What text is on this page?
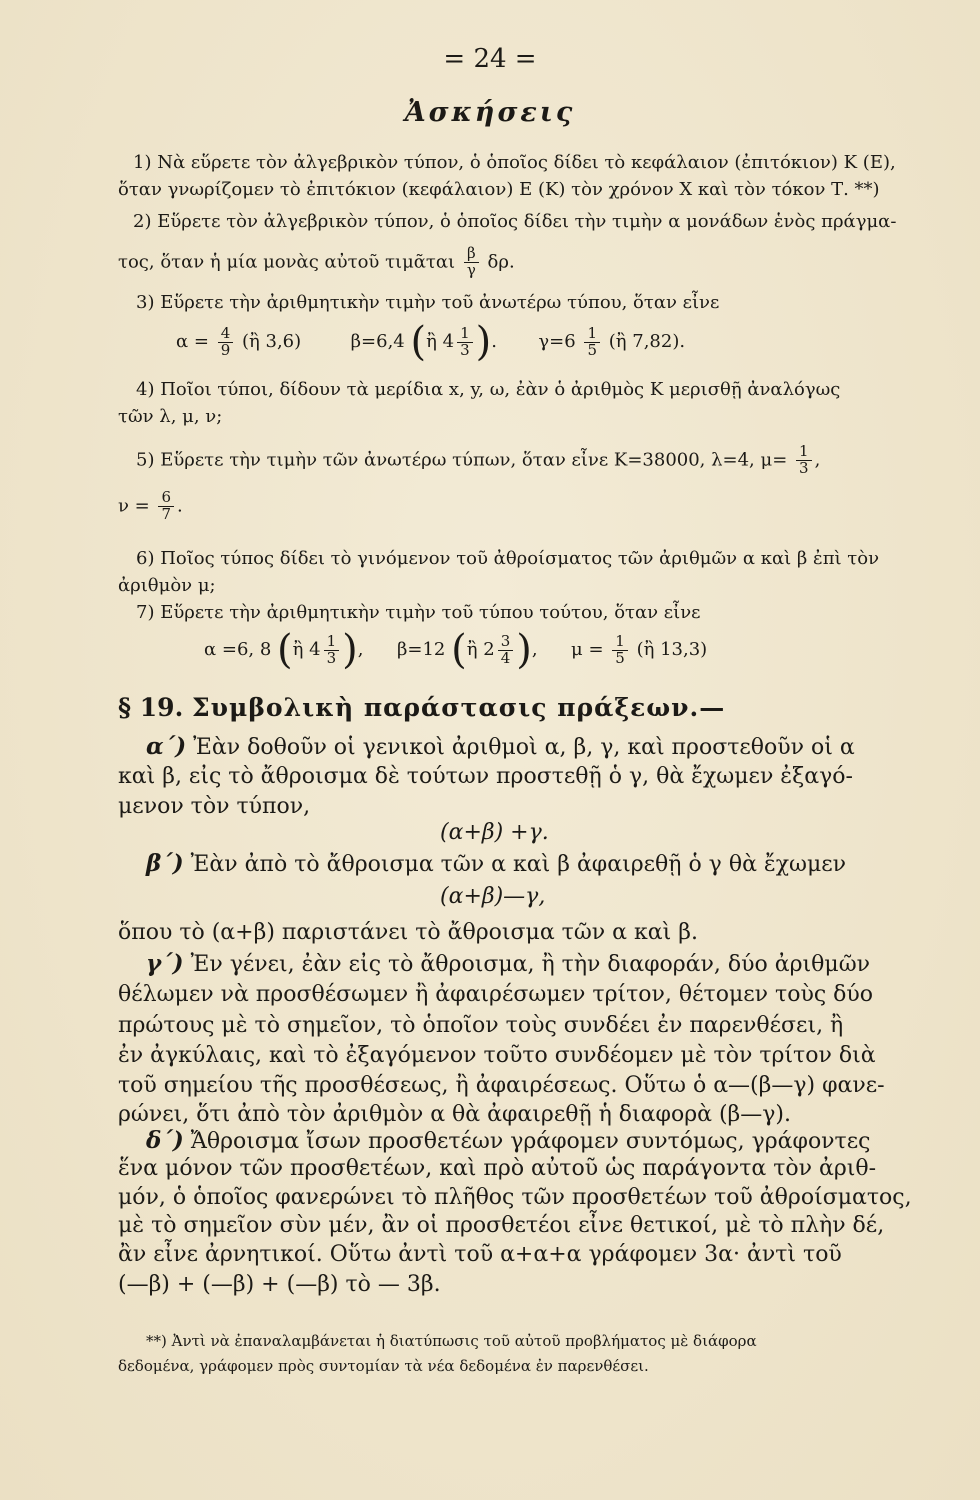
= 24 =
Ἀσκήσεις
1) Νὰ εὕρετε τὸν ἀλγεβρικὸν τύπον, ὁ ὁποῖος δίδει τὸ κεφάλαιον (ἐπιτόκιον) Κ (Ε),
ὅταν γνωρίζομεν τὸ ἐπιτόκιον (κεφάλαιον) Ε (Κ) τὸν χρόνον Χ καὶ τὸν τόκον Τ. **)
2) Εὕρετε τὸν ἀλγεβρικὸν τύπον, ὁ ὁποῖος δίδει τὴν τιμὴν α μονάδων ἑνὸς πράγμα-
τος, ὅταν ἡ μία μονὰς αὐτοῦ τιμᾶται $\frac{\beta}{\gamma} \delta\rho$.
3) Εὕρετε τὴν ἀριθμητικὴν τιμὴν τοῦ ἀνωτέρω τύπου, ὅταν εἶνε
$\alpha = \frac{4}{9}$ (ἢ 3,6)	β=6,4 (ἢ $4 \frac{1}{3}$ ).  $\gamma=6 \frac{1}{5}$ (ἢ 7,82).
4) Ποῖοι τύποι, δίδουν τὰ μερίδια x, y, ω, ἐὰν ὁ ἀριθμὸς Κ μερισθῇ ἀναλόγως
τῶν λ, μ, ν;
5) Εὕρετε τὴν τιμὴν τῶν ἀνωτέρω τύπων, ὅταν εἶνε Κ=38000, λ=4, $\mu= \frac{1}{3}$ ,
$\nu = \frac{6}{7}$ .
6) Ποῖος τύπος δίδει τὸ γινόμενον τοῦ ἀθροίσματος τῶν ἀριθμῶν α καὶ β ἐπὶ τὸν
ἀριθμὸν μ;
7) Εὕρετε τὴν ἀριθμητικὴν τιμὴν τοῦ τύπου τούτου, ὅταν εἶνε
α =6, 8 (ἢ $4 \frac{1}{3}$ ),  β=12 (ἢ $2 \frac{3}{4}$ ),  $\mu = \frac{1}{5}$ (ἢ 13,3)
§ 19. Συμβολικὴ παράστασις πράξεων.—
α΄) Ἐὰν δοθοῦν οἱ γενικοὶ ἀριθμοὶ α, β, γ, καὶ προστεθοῦν οἱ α
καὶ β, εἰς τὸ ἄθροισμα δὲ τούτων προστεθῇ ὁ γ, θὰ ἔχωμεν ἐξαγό-
μενον τὸν τύπον,
(α+β) +γ.
β΄) Ἐὰν ἀπὸ τὸ ἄθροισμα τῶν α καὶ β ἀφαιρεθῇ ὁ γ θὰ ἔχωμεν
(α+β)—γ,
ὅπου τὸ (α+β) παριστάνει τὸ ἄθροισμα τῶν α καὶ β.
γ΄) Ἐν γένει, ἐὰν εἰς τὸ ἄθροισμα, ἢ τὴν διαφοράν, δύο ἀριθμῶν
θέλωμεν νὰ προσθέσωμεν ἢ ἀφαιρέσωμεν τρίτον, θέτομεν τοὺς δύο
πρώτους μὲ τὸ σημεῖον, τὸ ὁποῖον τοὺς συνδέει ἐν παρενθέσει, ἢ
ἐν ἀγκύλαις, καὶ τὸ ἐξαγόμενον τοῦτο συνδέομεν μὲ τὸν τρίτον διὰ
τοῦ σημείου τῆς προσθέσεως, ἢ ἀφαιρέσεως. Οὕτω ὁ α—(β—γ) φανε-
ρώνει, ὅτι ἀπὸ τὸν ἀριθμὸν α θὰ ἀφαιρεθῇ ἡ διαφορὰ (β—γ).
δ΄) Ἄθροισμα ἴσων προσθετέων γράφομεν συντόμως, γράφοντες
ἕνα μόνον τῶν προσθετέων, καὶ πρὸ αὐτοῦ ὡς παράγοντα τὸν ἀριθ-
μόν, ὁ ὁποῖος φανερώνει τὸ πλῆθος τῶν προσθετέων τοῦ ἀθροίσματος,
μὲ τὸ σημεῖον σὺν μέν, ἂν οἱ προσθετέοι εἶνε θετικοί, μὲ τὸ πλὴν δέ,
ἂν εἶνε ἀρνητικοί. Οὕτω ἀντὶ τοῦ α+α+α γράφομεν 3α· ἀντὶ τοῦ
(—β) + (—β) + (—β) τὸ — 3β.
**) Ἀντὶ νὰ ἐπαναλαμβάνεται ἡ διατύπωσις τοῦ αὐτοῦ προβλήματος μὲ διάφορα
δεδομένα, γράφομεν πρὸς συντομίαν τὰ νέα δεδομένα ἐν παρενθέσει.
